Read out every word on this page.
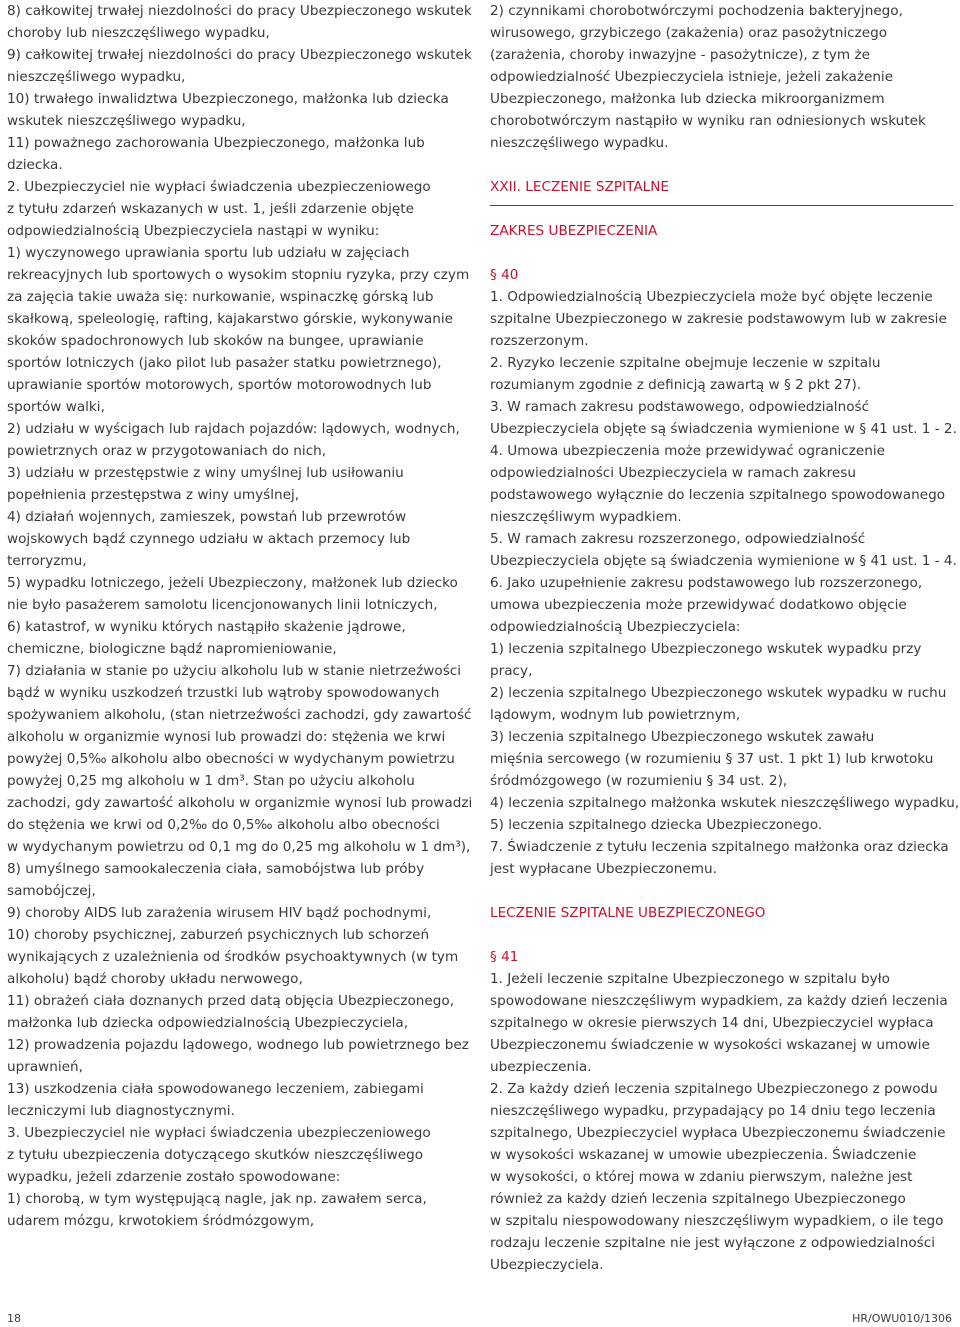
8) całkowitej trwałej niezdolności do pracy Ubezpieczonego wskutek
choroby lub nieszczęśliwego wypadku,
9) całkowitej trwałej niezdolności do pracy Ubezpieczonego wskutek
nieszczęśliwego wypadku,
10) trwałego inwalidztwa Ubezpieczonego, małżonka lub dziecka
wskutek nieszczęśliwego wypadku,
11) poważnego zachorowania Ubezpieczonego, małżonka lub
dziecka.
2. Ubezpieczyciel nie wypłaci świadczenia ubezpieczeniowego
z tytułu zdarzeń wskazanych w ust. 1, jeśli zdarzenie objęte
odpowiedzialnością Ubezpieczyciela nastąpi w wyniku:
1) wyczynowego uprawiania sportu lub udziału w zajęciach
rekreacyjnych lub sportowych o wysokim stopniu ryzyka, przy czym
za zajęcia takie uważa się: nurkowanie, wspinaczkę górską lub
skałkową, speleologię, rafting, kajakarstwo górskie, wykonywanie
skoków spadochronowych lub skoków na bungee, uprawianie
sportów lotniczych (jako pilot lub pasażer statku powietrznego),
uprawianie sportów motorowych, sportów motorowodnych lub
sportów walki,
2) udziału w wyścigach lub rajdach pojazdów: lądowych, wodnych,
powietrznych oraz w przygotowaniach do nich,
3) udziału w przestępstwie z winy umyślnej lub usiłowaniu
popełnienia przestępstwa z winy umyślnej,
4) działań wojennych, zamieszek, powstań lub przewrotów
wojskowych bądź czynnego udziału w aktach przemocy lub
terroryzmu,
5) wypadku lotniczego, jeżeli Ubezpieczony, małżonek lub dziecko
nie było pasażerem samolotu licencjonowanych linii lotniczych,
6) katastrof, w wyniku których nastąpiło skażenie jądrowe,
chemiczne, biologiczne bądź napromieniowanie,
7) działania w stanie po użyciu alkoholu lub w stanie nietrzeźwości
bądź w wyniku uszkodzeń trzustki lub wątroby spowodowanych
spożywaniem alkoholu, (stan nietrzeźwości zachodzi, gdy zawartość
alkoholu w organizmie wynosi lub prowadzi do: stężenia we krwi
powyżej 0,5‰ alkoholu albo obecności w wydychanym powietrzu
powyżej 0,25 mg alkoholu w 1 dm³. Stan po użyciu alkoholu
zachodzi, gdy zawartość alkoholu w organizmie wynosi lub prowadzi
do stężenia we krwi od 0,2‰ do 0,5‰ alkoholu albo obecności
w wydychanym powietrzu od 0,1 mg do 0,25 mg alkoholu w 1 dm³),
8) umyślnego samookaleczenia ciała, samobójstwa lub próby
samobójczej,
9) choroby AIDS lub zarażenia wirusem HIV bądź pochodnymi,
10) choroby psychicznej, zaburzeń psychicznych lub schorzeń
wynikających z uzależnienia od środków psychoaktywnych (w tym
alkoholu) bądź choroby układu nerwowego,
11) obrażeń ciała doznanych przed datą objęcia Ubezpieczonego,
małżonka lub dziecka odpowiedzialnością Ubezpieczyciela,
12) prowadzenia pojazdu lądowego, wodnego lub powietrznego bez
uprawnień,
13) uszkodzenia ciała spowodowanego leczeniem, zabiegami
leczniczymi lub diagnostycznymi.
3. Ubezpieczyciel nie wypłaci świadczenia ubezpieczeniowego
z tytułu ubezpieczenia dotyczącego skutków nieszczęśliwego
wypadku, jeżeli zdarzenie zostało spowodowane:
1) chorobą, w tym występującą nagle, jak np. zawałem serca,
udarem mózgu, krwotokiem śródmózgowym,
2) czynnikami chorobotwórczymi pochodzenia bakteryjnego,
wirusowego, grzybiczego (zakażenia) oraz pasożytniczego
(zarażenia, choroby inwazyjne - pasożytnicze), z tym że
odpowiedzialność Ubezpieczyciela istnieje, jeżeli zakażenie
Ubezpieczonego, małżonka lub dziecka mikroorganizmem
chorobotwórczym nastąpiło w wyniku ran odniesionych wskutek
nieszczęśliwego wypadku.
XXII. LECZENIE SZPITALNE
ZAKRES UBEZPIECZENIA
§ 40
1. Odpowiedzialnością Ubezpieczyciela może być objęte leczenie
szpitalne Ubezpieczonego w zakresie podstawowym lub w zakresie
rozszerzonym.
2. Ryzyko leczenie szpitalne obejmuje leczenie w szpitalu
rozumianym zgodnie z definicją zawartą w § 2 pkt 27).
3. W ramach zakresu podstawowego, odpowiedzialność
Ubezpieczyciela objęte są świadczenia wymienione w § 41 ust. 1 - 2.
4. Umowa ubezpieczenia może przewidywać ograniczenie
odpowiedzialności Ubezpieczyciela w ramach zakresu
podstawowego wyłącznie do leczenia szpitalnego spowodowanego
nieszczęśliwym wypadkiem.
5. W ramach zakresu rozszerzonego, odpowiedzialność
Ubezpieczyciela objęte są świadczenia wymienione w § 41 ust. 1 - 4.
6. Jako uzupełnienie zakresu podstawowego lub rozszerzonego,
umowa ubezpieczenia może przewidywać dodatkowo objęcie
odpowiedzialnością Ubezpieczyciela:
1) leczenia szpitalnego Ubezpieczonego wskutek wypadku przy
pracy,
2) leczenia szpitalnego Ubezpieczonego wskutek wypadku w ruchu
lądowym, wodnym lub powietrznym,
3) leczenia szpitalnego Ubezpieczonego wskutek zawału
mięśnia sercowego (w rozumieniu § 37 ust. 1 pkt 1) lub krwotoku
śródmózgowego (w rozumieniu § 34 ust. 2),
4) leczenia szpitalnego małżonka wskutek nieszczęśliwego wypadku,
5) leczenia szpitalnego dziecka Ubezpieczonego.
7. Świadczenie z tytułu leczenia szpitalnego małżonka oraz dziecka
jest wypłacane Ubezpieczonemu.
LECZENIE SZPITALNE UBEZPIECZONEGO
§ 41
1. Jeżeli leczenie szpitalne Ubezpieczonego w szpitalu było
spowodowane nieszczęśliwym wypadkiem, za każdy dzień leczenia
szpitalnego w okresie pierwszych 14 dni, Ubezpieczyciel wypłaca
Ubezpieczonemu świadczenie w wysokości wskazanej w umowie
ubezpieczenia.
2. Za każdy dzień leczenia szpitalnego Ubezpieczonego z powodu
nieszczęśliwego wypadku, przypadający po 14 dniu tego leczenia
szpitalnego, Ubezpieczyciel wypłaca Ubezpieczonemu świadczenie
w wysokości wskazanej w umowie ubezpieczenia. Świadczenie
w wysokości, o której mowa w zdaniu pierwszym, należne jest
również za każdy dzień leczenia szpitalnego Ubezpieczonego
w szpitalu niespowodowany nieszczęśliwym wypadkiem, o ile tego
rodzaju leczenie szpitalne nie jest wyłączone z odpowiedzialności
Ubezpieczyciela.
18	HR/OWU010/1306
